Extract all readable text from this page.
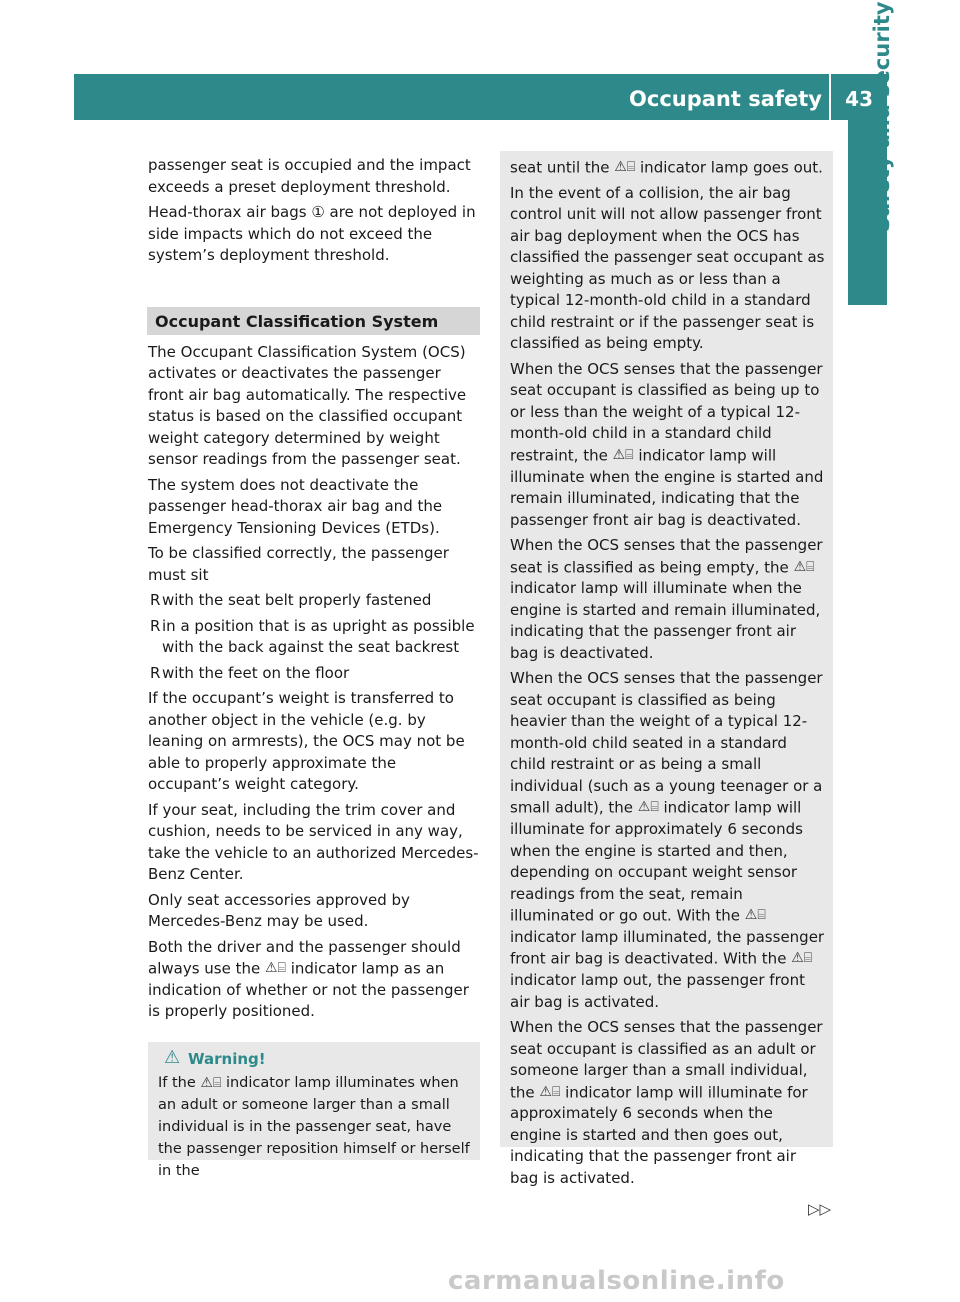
Occupant safety 43
Safety and security

passenger seat is occupied and the impact exceeds a preset deployment threshold.

Head-thorax air bags ① are not deployed in side impacts which do not exceed the system’s deployment threshold.

Occupant Classification System

The Occupant Classification System (OCS) activates or deactivates the passenger front air bag automatically. The respective status is based on the classified occupant weight category determined by weight sensor readings from the passenger seat.

The system does not deactivate the passenger head-thorax air bag and the Emergency Tensioning Devices (ETDs).

To be classified correctly, the passenger must sit

R with the seat belt properly fastened
R in a position that is as upright as possible with the back against the seat backrest
R with the feet on the floor

If the occupant’s weight is transferred to another object in the vehicle (e.g. by leaning on armrests), the OCS may not be able to properly approximate the occupant’s weight category.

If your seat, including the trim cover and cushion, needs to be serviced in any way, take the vehicle to an authorized Mercedes-Benz Center.

Only seat accessories approved by Mercedes-Benz may be used.

Both the driver and the passenger should always use the ⚠⌸ indicator lamp as an indication of whether or not the passenger is properly positioned.

⚠ Warning!
If the ⚠⌸ indicator lamp illuminates when an adult or someone larger than a small individual is in the passenger seat, have the passenger reposition himself or herself in the

seat until the ⚠⌸ indicator lamp goes out.

In the event of a collision, the air bag control unit will not allow passenger front air bag deployment when the OCS has classified the passenger seat occupant as weighting as much as or less than a typical 12-month-old child in a standard child restraint or if the passenger seat is classified as being empty.

When the OCS senses that the passenger seat occupant is classified as being up to or less than the weight of a typical 12-month-old child in a standard child restraint, the ⚠⌸ indicator lamp will illuminate when the engine is started and remain illuminated, indicating that the passenger front air bag is deactivated.

When the OCS senses that the passenger seat is classified as being empty, the ⚠⌸ indicator lamp will illuminate when the engine is started and remain illuminated, indicating that the passenger front air bag is deactivated.

When the OCS senses that the passenger seat occupant is classified as being heavier than the weight of a typical 12-month-old child seated in a standard child restraint or as being a small individual (such as a young teenager or a small adult), the ⚠⌸ indicator lamp will illuminate for approximately 6 seconds when the engine is started and then, depending on occupant weight sensor readings from the seat, remain illuminated or go out. With the ⚠⌸ indicator lamp illuminated, the passenger front air bag is deactivated. With the ⚠⌸ indicator lamp out, the passenger front air bag is activated.

When the OCS senses that the passenger seat occupant is classified as an adult or someone larger than a small individual, the ⚠⌸ indicator lamp will illuminate for approximately 6 seconds when the engine is started and then goes out, indicating that the passenger front air bag is activated.

▷▷
carmanualsonline.info
